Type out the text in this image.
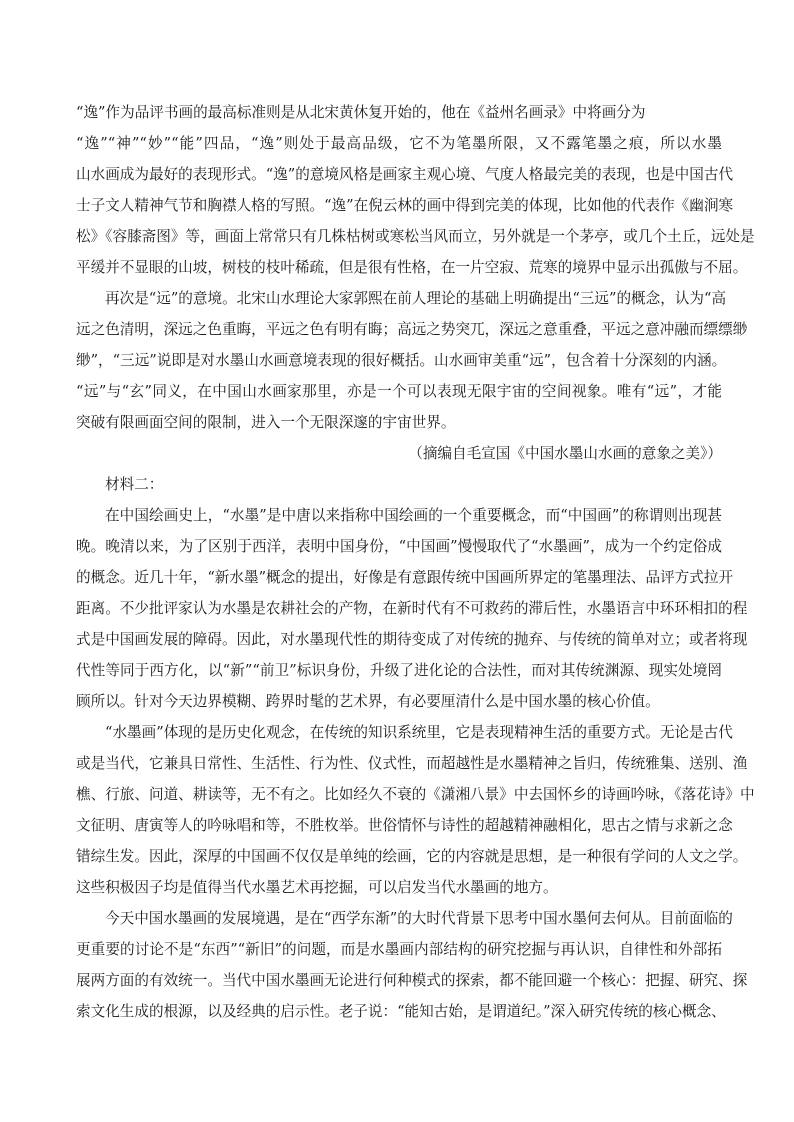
“逸”作为品评书画的最高标准则是从北宋黄休复开始的，他在《益州名画录》中将画分为
“逸”“神”“妙”“能”四品，“逸”则处于最高品级，它不为笔墨所限，又不露笔墨之痕，所以水墨
山水画成为最好的表现形式。“逸”的意境风格是画家主观心境、气度人格最完美的表现，也是中国古代
士子文人精神气节和胸襟人格的写照。“逸”在倪云林的画中得到完美的体现，比如他的代表作《幽涧寒
松》《容膝斋图》等，画面上常常只有几株枯树或寒松当风而立，另外就是一个茅亭，或几个土丘，远处是
平缓并不显眼的山坡，树枝的枝叶稀疏，但是很有性格，在一片空寂、荒寒的境界中显示出孤傲与不屈。
再次是“远”的意境。北宋山水理论大家郭熙在前人理论的基础上明确提出“三远”的概念，认为“高
远之色清明，深远之色重晦，平远之色有明有晦；高远之势突兀，深远之意重叠，平远之意冲融而缥缥缈
缈”，“三远”说即是对水墨山水画意境表现的很好概括。山水画审美重“远”，包含着十分深刻的内涵。
“远”与“玄”同义，在中国山水画家那里，亦是一个可以表现无限宇宙的空间视象。唯有“远”，才能
突破有限画面空间的限制，进入一个无限深邃的宇宙世界。
（摘编自毛宣国《中国水墨山水画的意象之美》）
材料二：
在中国绘画史上，“水墨”是中唐以来指称中国绘画的一个重要概念，而“中国画”的称谓则出现甚
晚。晚清以来，为了区别于西洋，表明中国身份，“中国画”慢慢取代了“水墨画”，成为一个约定俗成
的概念。近几十年，“新水墨”概念的提出，好像是有意跟传统中国画所界定的笔墨理法、品评方式拉开
距离。不少批评家认为水墨是农耕社会的产物，在新时代有不可救药的滞后性，水墨语言中环环相扣的程
式是中国画发展的障碍。因此，对水墨现代性的期待变成了对传统的抛弃、与传统的简单对立；或者将现
代性等同于西方化，以“新”“前卫”标识身份，升级了进化论的合法性，而对其传统渊源、现实处境罔
顾所以。针对今天边界模糊、跨界时髦的艺术界，有必要厘清什么是中国水墨的核心价值。
“水墨画”体现的是历史化观念，在传统的知识系统里，它是表现精神生活的重要方式。无论是古代
或是当代，它兼具日常性、生活性、行为性、仪式性，而超越性是水墨精神之旨归，传统雅集、送别、渔
樵、行旅、问道、耕读等，无不有之。比如经久不衰的《潇湘八景》中去国怀乡的诗画吟咏，《落花诗》中
文征明、唐寅等人的吟咏唱和等，不胜枚举。世俗情怀与诗性的超越精神融相化，思古之情与求新之念
错综生发。因此，深厚的中国画不仅仅是单纯的绘画，它的内容就是思想，是一种很有学问的人文之学。
这些积极因子均是值得当代水墨艺术再挖掘，可以启发当代水墨画的地方。
今天中国水墨画的发展境遇，是在“西学东渐”的大时代背景下思考中国水墨何去何从。目前面临的
更重要的讨论不是“东西”“新旧”的问题，而是水墨画内部结构的研究挖掘与再认识，自律性和外部拓
展两方面的有效统一。当代中国水墨画无论进行何种模式的探索，都不能回避一个核心：把握、研究、探
索文化生成的根源，以及经典的启示性。老子说：“能知古始，是谓道纪。”深入研究传统的核心概念、
